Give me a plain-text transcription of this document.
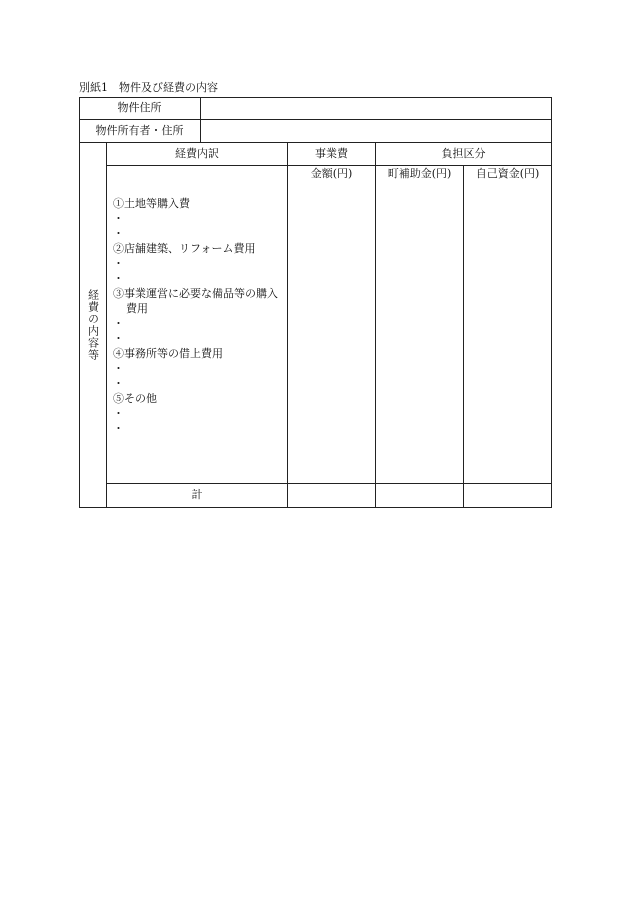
別紙1　物件及び経費の内容
物件住所
物件所有者・住所
経費の内容等
経費内訳	事業費	負担区分
金額(円)	町補助金(円)	自己資金(円)
①土地等購入費
・
・
②店舗建築、リフォーム費用
・
・
③事業運営に必要な備品等の購入費用
・
・
④事務所等の借上費用
・
・
⑤その他
・
・
計
